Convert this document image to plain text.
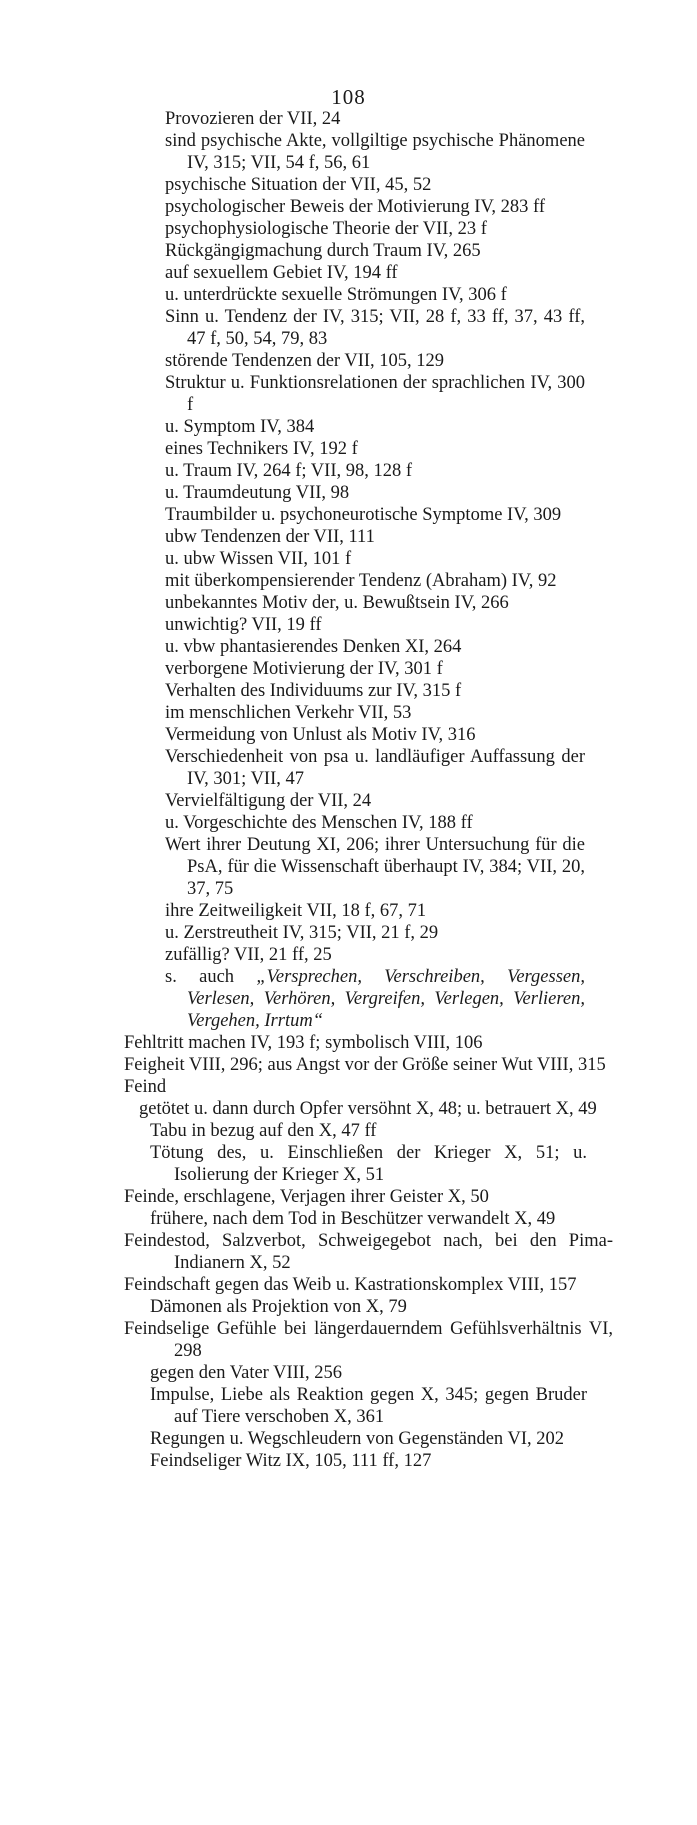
108
Provozieren der VII, 24
sind psychische Akte, vollgiltige psychische Phänomene IV, 315; VII, 54 f, 56, 61
psychische Situation der VII, 45, 52
psychologischer Beweis der Motivierung IV, 283 ff
psychophysiologische Theorie der VII, 23 f
Rückgängigmachung durch Traum IV, 265
auf sexuellem Gebiet IV, 194 ff
u. unterdrückte sexuelle Strömungen IV, 306 f
Sinn u. Tendenz der IV, 315; VII, 28 f, 33 ff, 37, 43 ff, 47 f, 50, 54, 79, 83
störende Tendenzen der VII, 105, 129
Struktur u. Funktionsrelationen der sprachlichen IV, 300 f
u. Symptom IV, 384
eines Technikers IV, 192 f
u. Traum IV, 264 f; VII, 98, 128 f
u. Traumdeutung VII, 98
Traumbilder u. psychoneurotische Symptome IV, 309
ubw Tendenzen der VII, 111
u. ubw Wissen VII, 101 f
mit überkompensierender Tendenz (Abraham) IV, 92
unbekanntes Motiv der, u. Bewußtsein IV, 266
unwichtig? VII, 19 ff
u. vbw phantasierendes Denken XI, 264
verborgene Motivierung der IV, 301 f
Verhalten des Individuums zur IV, 315 f
im menschlichen Verkehr VII, 53
Vermeidung von Unlust als Motiv IV, 316
Verschiedenheit von psa u. landläufiger Auffassung der IV, 301; VII, 47
Vervielfältigung der VII, 24
u. Vorgeschichte des Menschen IV, 188 ff
Wert ihrer Deutung XI, 206; ihrer Untersuchung für die PsA, für die Wissenschaft überhaupt IV, 384; VII, 20, 37, 75
ihre Zeitweiligkeit VII, 18 f, 67, 71
u. Zerstreutheit IV, 315; VII, 21 f, 29
zufällig? VII, 21 ff, 25
s. auch „Versprechen, Verschreiben, Vergessen, Verlesen, Verhören, Vergreifen, Verlegen, Verlieren, Vergehen, Irrtum“
Fehltritt machen IV, 193 f; symbolisch VIII, 106
Feigheit VIII, 296; aus Angst vor der Größe seiner Wut VIII, 315
Feind
getötet u. dann durch Opfer versöhnt X, 48; u. betrauert X, 49
Tabu in bezug auf den X, 47 ff
Tötung des, u. Einschließen der Krieger X, 51; u. Isolierung der Krieger X, 51
Feinde, erschlagene, Verjagen ihrer Geister X, 50
frühere, nach dem Tod in Beschützer verwandelt X, 49
Feindestod, Salzverbot, Schweigegebot nach, bei den Pima-Indianern X, 52
Feindschaft gegen das Weib u. Kastrationskomplex VIII, 157
Dämonen als Projektion von X, 79
Feindselige Gefühle bei längerdauerndem Gefühlsverhältnis VI, 298
gegen den Vater VIII, 256
Impulse, Liebe als Reaktion gegen X, 345; gegen Bruder auf Tiere verschoben X, 361
Regungen u. Wegschleudern von Gegenständen VI, 202
Feindseliger Witz IX, 105, 111 ff, 127
